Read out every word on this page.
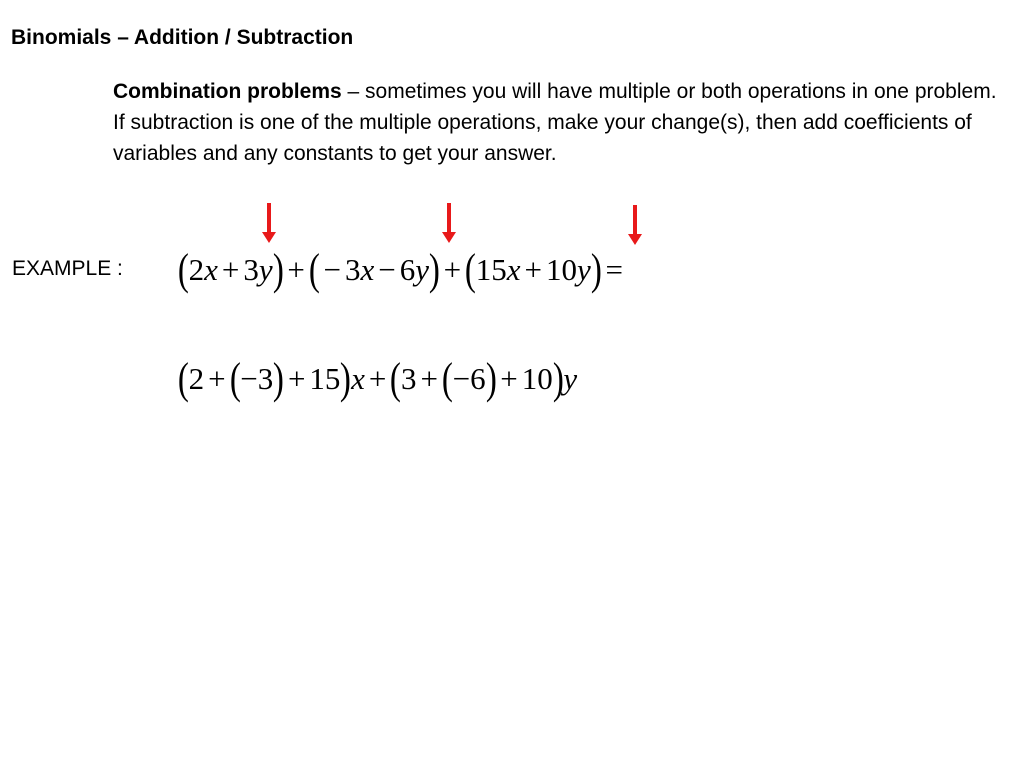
Binomials – Addition / Subtraction
Combination problems – sometimes you will have multiple or both operations in one problem. If subtraction is one of the multiple operations, make your change(s), then add coefficients of variables and any constants to get your answer.
EXAMPLE : (2x + 3y) +( − 3x − 6y) +(15x + 10y) =
(2 +(−3) + 15)x +(3 +(−6) + 10)y
